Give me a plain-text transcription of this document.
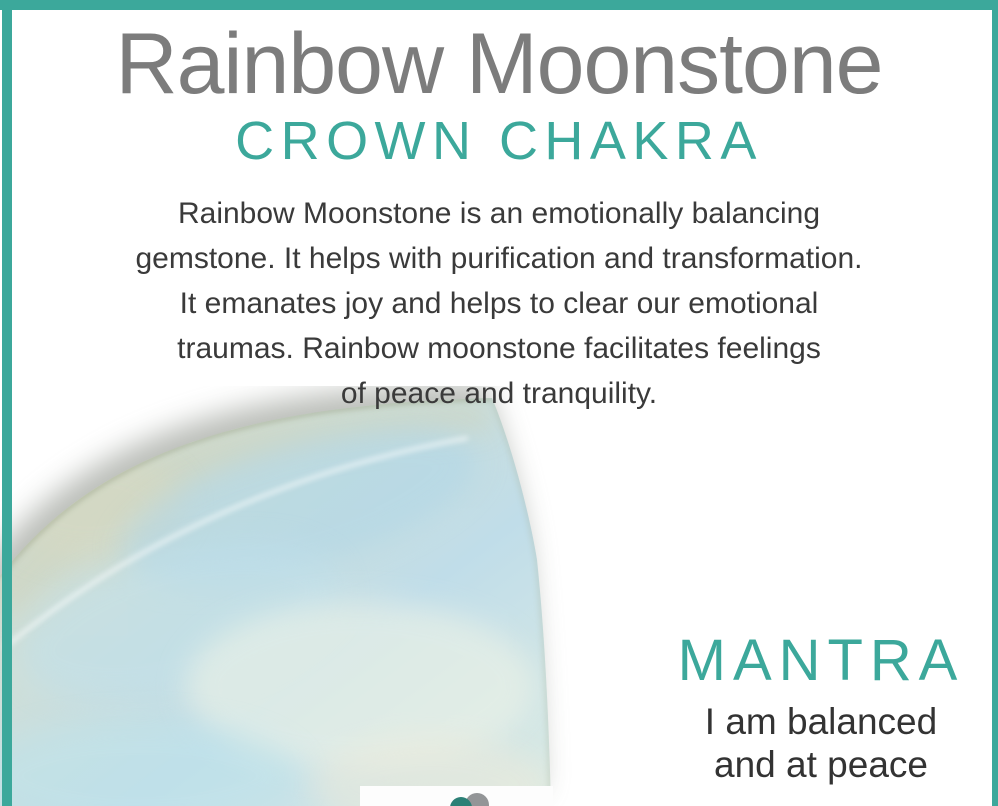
Rainbow Moonstone
CROWN CHAKRA
Rainbow Moonstone is an emotionally balancing
gemstone. It helps with purification and transformation.
It emanates joy and helps to clear our emotional
traumas. Rainbow moonstone facilitates feelings
of peace and tranquility.
MANTRA
I am balanced
and at peace
